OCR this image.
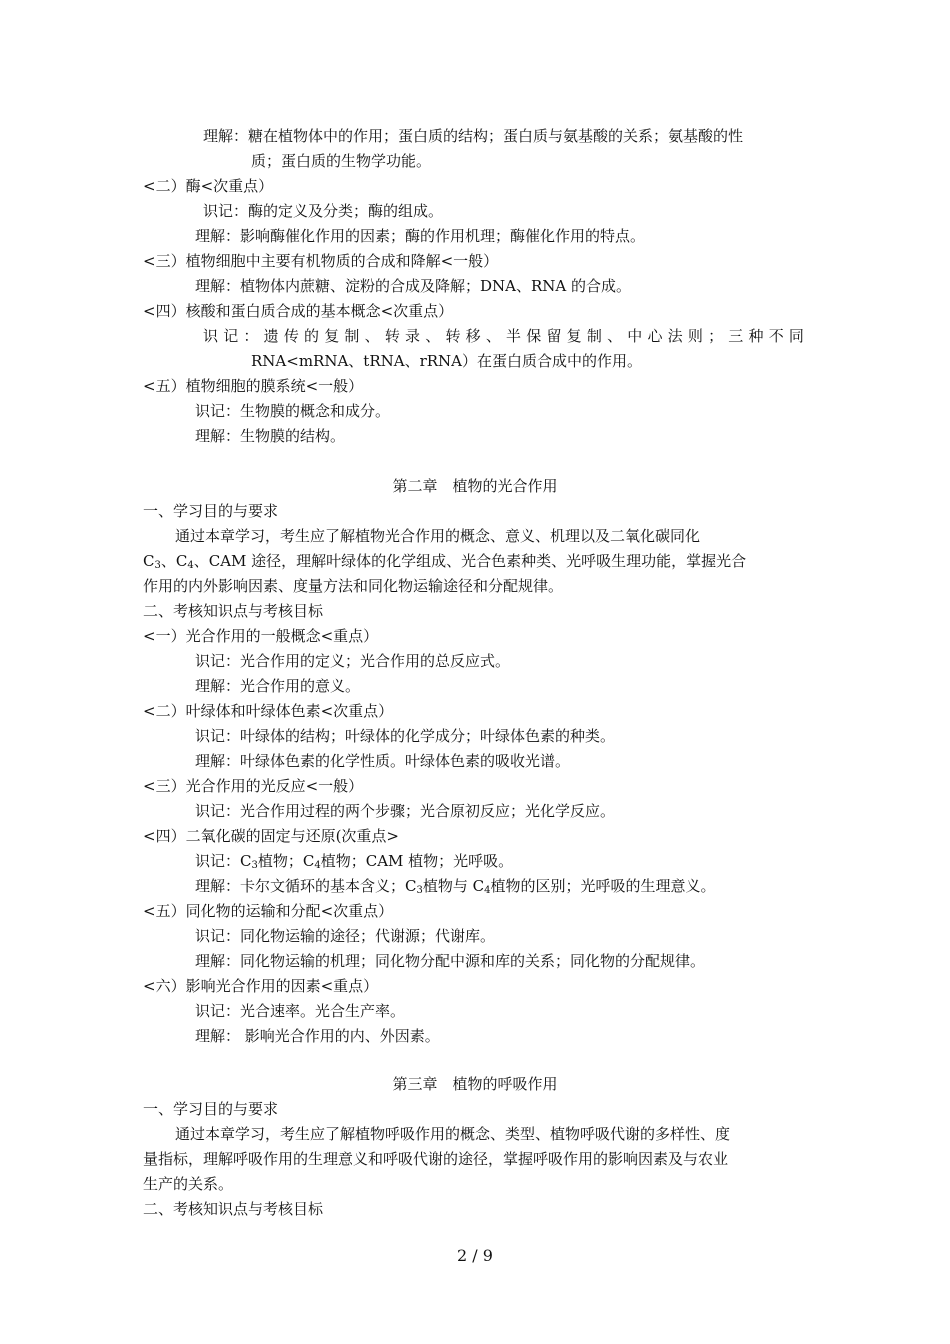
理解：糖在植物体中的作用；蛋白质的结构；蛋白质与氨基酸的关系；氨基酸的性
质；蛋白质的生物学功能。
<二）酶<次重点）
识记：酶的定义及分类；酶的组成。
理解：影响酶催化作用的因素；酶的作用机理；酶催化作用的特点。
<三）植物细胞中主要有机物质的合成和降解<一般）
理解：植物体内蔗糖、淀粉的合成及降解；DNA、RNA 的合成。
<四）核酸和蛋白质合成的基本概念<次重点）
识 记 ： 遗 传 的 复 制 、 转 录 、 转 移 、 半 保 留 复 制 、 中 心 法 则 ； 三 种 不 同
RNA<mRNA、tRNA、rRNA）在蛋白质合成中的作用。
<五）植物细胞的膜系统<一般）
识记：生物膜的概念和成分。
理解：生物膜的结构。
第二章　植物的光合作用
一、学习目的与要求
通过本章学习，考生应了解植物光合作用的概念、意义、机理以及二氧化碳同化
$C_3$、$C_4$、CAM 途径，理解叶绿体的化学组成、光合色素种类、光呼吸生理功能，掌握光合
作用的内外影响因素、度量方法和同化物运输途径和分配规律。
二、考核知识点与考核目标
<一）光合作用的一般概念<重点）
识记：光合作用的定义；光合作用的总反应式。
理解：光合作用的意义。
<二）叶绿体和叶绿体色素<次重点）
识记：叶绿体的结构；叶绿体的化学成分；叶绿体色素的种类。
理解：叶绿体色素的化学性质。叶绿体色素的吸收光谱。
<三）光合作用的光反应<一般）
识记：光合作用过程的两个步骤；光合原初反应；光化学反应。
<四）二氧化碳的固定与还原(次重点>
识记：$C_3$植物；$C_4$植物；CAM 植物；光呼吸。
理解：卡尔文循环的基本含义；$C_3$植物与 $C_4$植物的区别；光呼吸的生理意义。
<五）同化物的运输和分配<次重点）
识记：同化物运输的途径；代谢源；代谢库。
理解：同化物运输的机理；同化物分配中源和库的关系；同化物的分配规律。
<六）影响光合作用的因素<重点）
识记：光合速率。光合生产率。
理解： 影响光合作用的内、外因素。
第三章　植物的呼吸作用
一、学习目的与要求
通过本章学习，考生应了解植物呼吸作用的概念、类型、植物呼吸代谢的多样性、度
量指标，理解呼吸作用的生理意义和呼吸代谢的途径，掌握呼吸作用的影响因素及与农业
生产的关系。
二、考核知识点与考核目标
2 / 9
